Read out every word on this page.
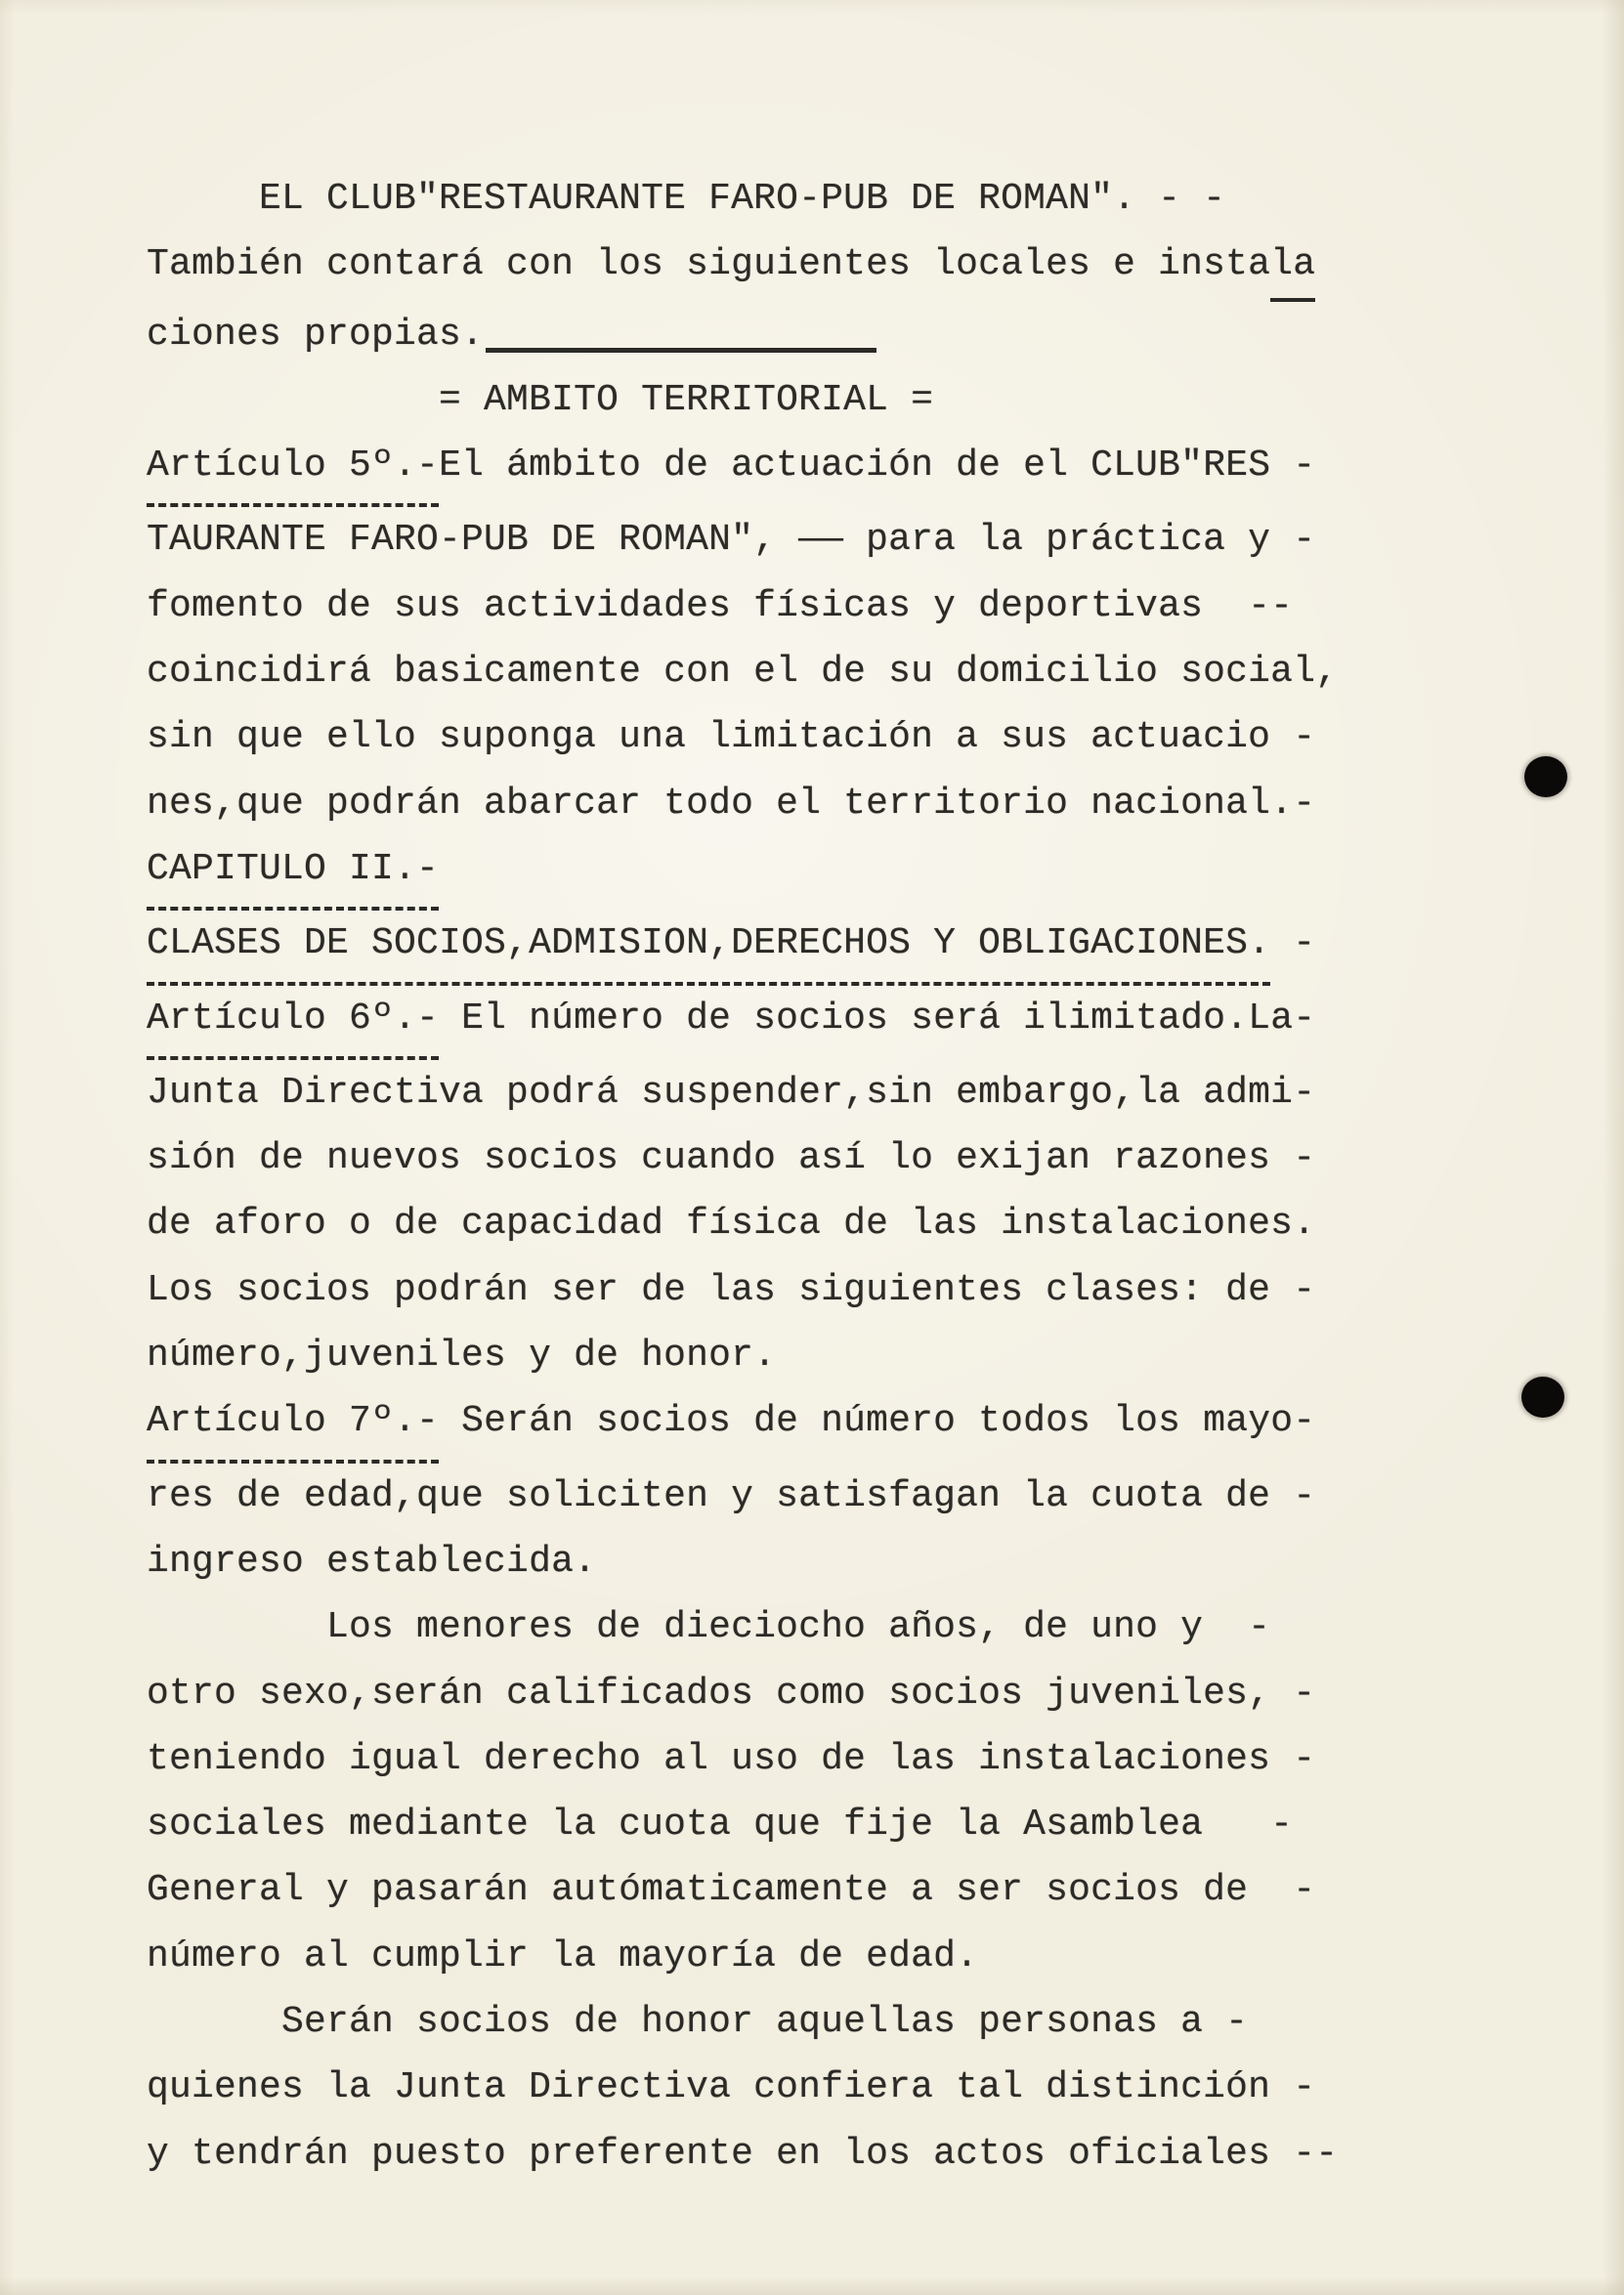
EL CLUB"RESTAURANTE FARO-PUB DE ROMAN". - -
También contará con los siguientes locales e insta la
ciones propias.
= AMBITO TERRITORIAL =
Artículo 5º.- El ámbito de actuación de el CLUB"RES -
TAURANTE FARO-PUB DE ROMAN", —— para la práctica y -
fomento de sus actividades físicas y deportivas  --
coincidirá basicamente con el de su domicilio social,
sin que ello suponga una limitación a sus actuacio -
nes,que podrán abarcar todo el territorio nacional.-
CAPITULO II.-
CLASES DE SOCIOS,ADMISION,DERECHOS Y OBLIGACIONES. -
Artículo 6º.- El número de socios será ilimitado.La-
Junta Directiva podrá suspender,sin embargo,la admi-
sión de nuevos socios cuando así lo exijan razones -
de aforo o de capacidad física de las instalaciones.
Los socios podrán ser de las siguientes clases: de -
número,juveniles y de honor.
Artículo 7º.- Serán socios de número todos los mayo-
res de edad,que soliciten y satisfagan la cuota de -
ingreso establecida.
Los menores de dieciocho años, de uno y  -
otro sexo,serán calificados como socios juveniles, -
teniendo igual derecho al uso de las instalaciones -
sociales mediante la cuota que fije la Asamblea   -
General y pasarán autómaticamente a ser socios de  -
número al cumplir la mayoría de edad.
Serán socios de honor aquellas personas a -
quienes la Junta Directiva confiera tal distinción -
y tendrán puesto preferente en los actos oficiales --
